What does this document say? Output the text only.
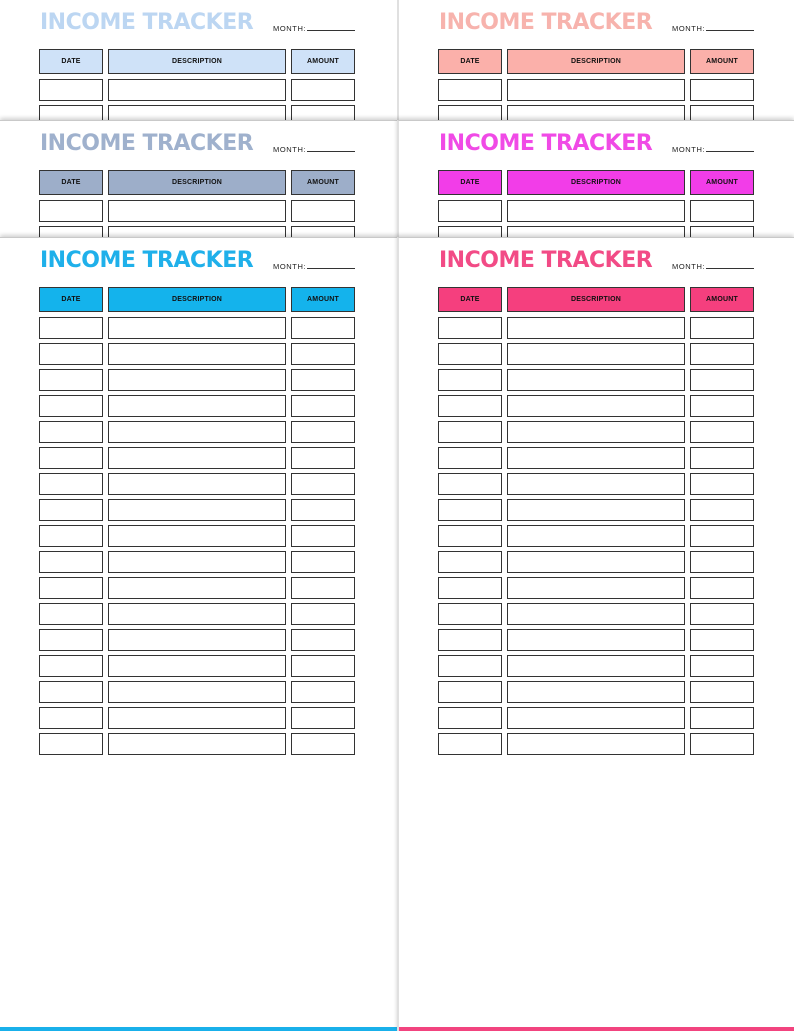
INCOME TRACKER	MONTH:
DATE	DESCRIPTION	AMOUNT
INCOME TRACKER	MONTH:
DATE	DESCRIPTION	AMOUNT
INCOME TRACKER	MONTH:
DATE	DESCRIPTION	AMOUNT
INCOME TRACKER	MONTH:
DATE	DESCRIPTION	AMOUNT
INCOME TRACKER	MONTH:
DATE	DESCRIPTION	AMOUNT
INCOME TRACKER	MONTH:
DATE	DESCRIPTION	AMOUNT
